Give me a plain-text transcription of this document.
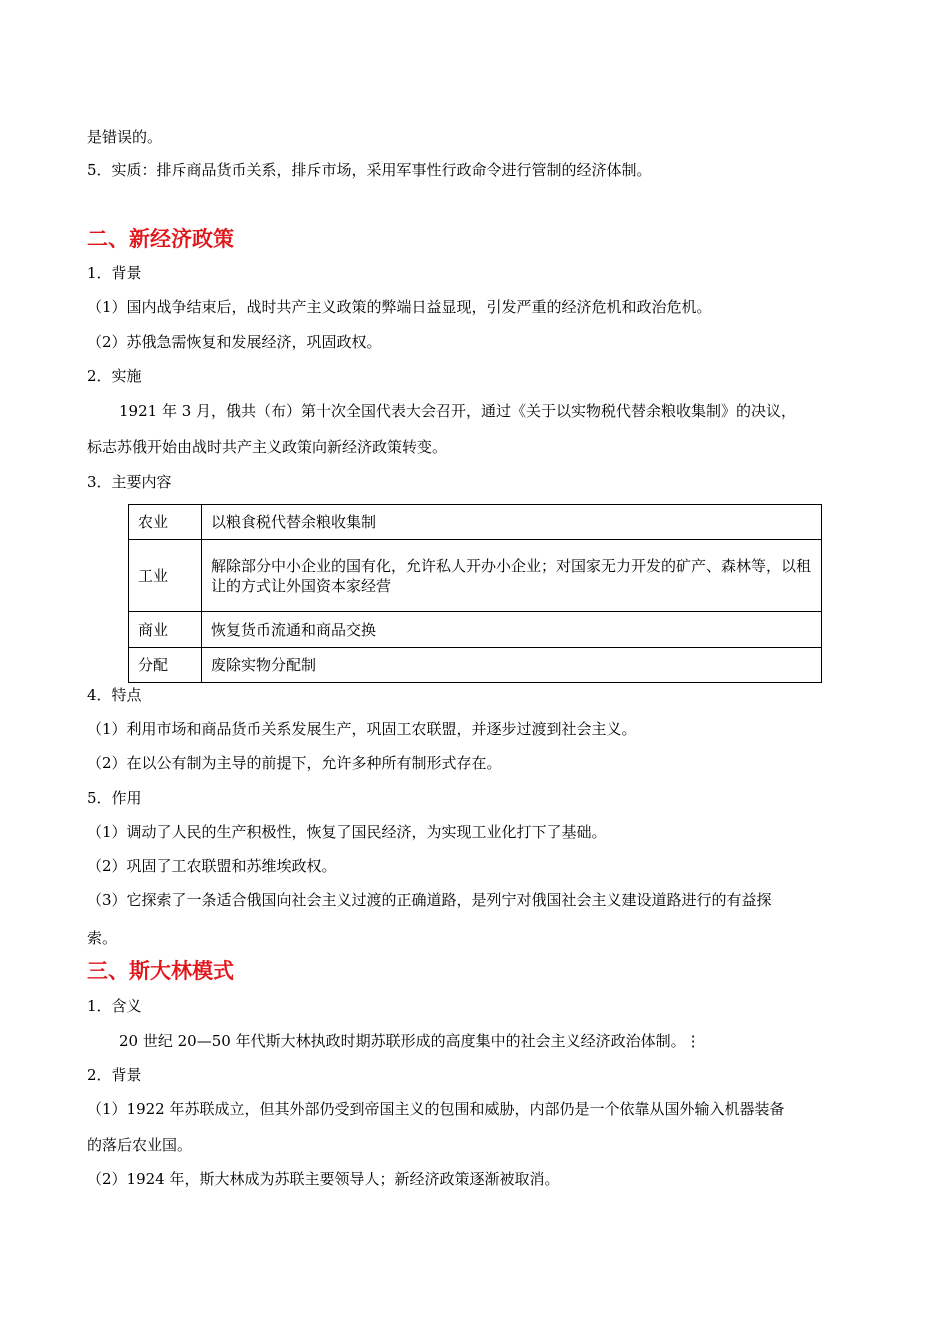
是错误的。
5．实质：排斥商品货币关系，排斥市场，采用军事性行政命令进行管制的经济体制。
二、新经济政策
1．背景
（1）国内战争结束后，战时共产主义政策的弊端日益显现，引发严重的经济危机和政治危机。
（2）苏俄急需恢复和发展经济，巩固政权。
2．实施
1921 年 3 月，俄共（布）第十次全国代表大会召开，通过《关于以实物税代替余粮收集制》的决议，
标志苏俄开始由战时共产主义政策向新经济政策转变。
3．主要内容
农业	以粮食税代替余粮收集制
工业	解除部分中小企业的国有化，允许私人开办小企业；对国家无力开发的矿产、森林等，以租让的方式让外国资本家经营
商业	恢复货币流通和商品交换
分配	废除实物分配制
4．特点
（1）利用市场和商品货币关系发展生产，巩固工农联盟，并逐步过渡到社会主义。
（2）在以公有制为主导的前提下，允许多种所有制形式存在。
5．作用
（1）调动了人民的生产积极性，恢复了国民经济，为实现工业化打下了基础。
（2）巩固了工农联盟和苏维埃政权。
（3）它探索了一条适合俄国向社会主义过渡的正确道路，是列宁对俄国社会主义建设道路进行的有益探
索。
三、斯大林模式
1．含义
20 世纪 20—50 年代斯大林执政时期苏联形成的高度集中的社会主义经济政治体制。⋮
2．背景
（1）1922 年苏联成立，但其外部仍受到帝国主义的包围和威胁，内部仍是一个依靠从国外输入机器装备
的落后农业国。
（2）1924 年，斯大林成为苏联主要领导人；新经济政策逐渐被取消。
